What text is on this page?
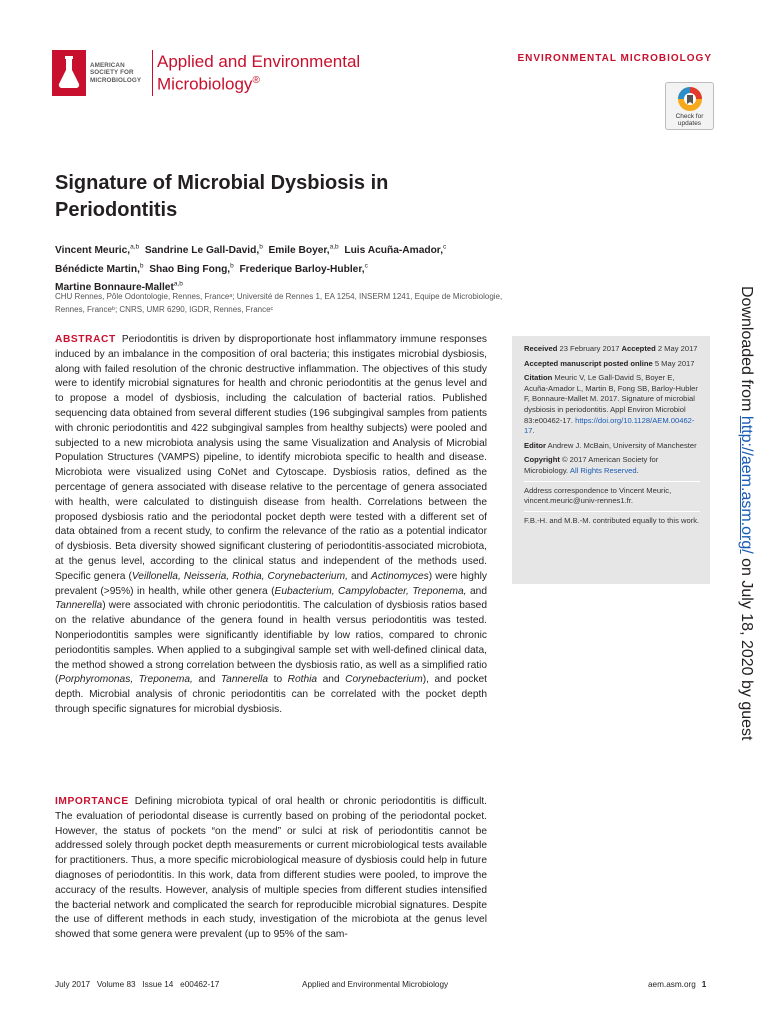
AMERICAN
SOCIETY FOR
MICROBIOLOGY
Applied and Environmental
Microbiology®
ENVIRONMENTAL MICROBIOLOGY
Check for
updates
Signature of Microbial Dysbiosis in Periodontitis
Vincent Meuric,$^{a,b}$ Sandrine Le Gall-David,$^b$ Emile Boyer,$^{a,b}$ Luis Acuña-Amador,$^c$
Bénédicte Martin,$^b$ Shao Bing Fong,$^b$ Frederique Barloy-Hubler,$^c$
Martine Bonnaure-Mallet$^{a,b}$
CHU Rennes, Pôle Odontologie, Rennes, Franceᵃ; Université de Rennes 1, EA 1254, INSERM 1241, Equipe de Microbiologie, Rennes, Franceᵇ; CNRS, UMR 6290, IGDR, Rennes, Franceᶜ

ABSTRACT Periodontitis is driven by disproportionate host inflammatory immune responses induced by an imbalance in the composition of oral bacteria; this instigates microbial dysbiosis, along with failed resolution of the chronic destructive inflammation. The objectives of this study were to identify microbial signatures for health and chronic periodontitis at the genus level and to propose a model of dysbiosis, including the calculation of bacterial ratios. Published sequencing data obtained from several different studies (196 subgingival samples from patients with chronic periodontitis and 422 subgingival samples from healthy subjects) were pooled and subjected to a new microbiota analysis using the same Visualization and Analysis of Microbial Population Structures (VAMPS) pipeline, to identify microbiota specific to health and disease. Microbiota were visualized using CoNet and Cytoscape. Dysbiosis ratios, defined as the percentage of genera associated with disease relative to the percentage of genera associated with health, were calculated to distinguish disease from health. Correlations between the proposed dysbiosis ratio and the periodontal pocket depth were tested with a different set of data obtained from a recent study, to confirm the relevance of the ratio as a potential indicator of dysbiosis. Beta diversity showed significant clustering of periodontitis-associated microbiota, at the genus level, according to the clinical status and independent of the methods used. Specific genera (Veillonella, Neisseria, Rothia, Corynebacterium, and Actinomyces) were highly prevalent (>95%) in health, while other genera (Eubacterium, Campylobacter, Treponema, and Tannerella) were associated with chronic periodontitis. The calculation of dysbiosis ratios based on the relative abundance of the genera found in health versus periodontitis was tested. Nonperiodontitis samples were significantly identifiable by low ratios, compared to chronic periodontitis samples. When applied to a subgingival sample set with well-defined clinical data, the method showed a strong correlation between the dysbiosis ratio, as well as a simplified ratio (Porphyromonas, Treponema, and Tannerella to Rothia and Corynebacterium), and pocket depth. Microbial analysis of chronic periodontitis can be correlated with the pocket depth through specific signatures for microbial dysbiosis.

IMPORTANCE Defining microbiota typical of oral health or chronic periodontitis is difficult. The evaluation of periodontal disease is currently based on probing of the periodontal pocket. However, the status of pockets “on the mend” or sulci at risk of periodontitis cannot be addressed solely through pocket depth measurements or current microbiological tests available for practitioners. Thus, a more specific microbiological measure of dysbiosis could help in future diagnoses of periodontitis. In this work, data from different studies were pooled, to improve the accuracy of the results. However, analysis of multiple species from different studies intensified the bacterial network and complicated the search for reproducible microbial signatures. Despite the use of different methods in each study, investigation of the microbiota at the genus level showed that some genera were prevalent (up to 95% of the sam-

Received 23 February 2017 Accepted 2 May 2017

Accepted manuscript posted online 5 May 2017

Citation Meuric V, Le Gall-David S, Boyer E, Acuña-Amador L, Martin B, Fong SB, Barloy-Hubler F, Bonnaure-Mallet M. 2017. Signature of microbial dysbiosis in periodontitis. Appl Environ Microbiol 83:e00462-17. https://doi.org/10.1128/AEM.00462-17.

Editor Andrew J. McBain, University of Manchester

Copyright © 2017 American Society for Microbiology. All Rights Reserved.

Address correspondence to Vincent Meuric, vincent.meuric@univ-rennes1.fr.

F.B.-H. and M.B.-M. contributed equally to this work.

Downloaded from http://aem.asm.org/ on July 18, 2020 by guest
July 2017   Volume 83   Issue 14   e00462-17	Applied and Environmental Microbiology	aem.asm.org 1
